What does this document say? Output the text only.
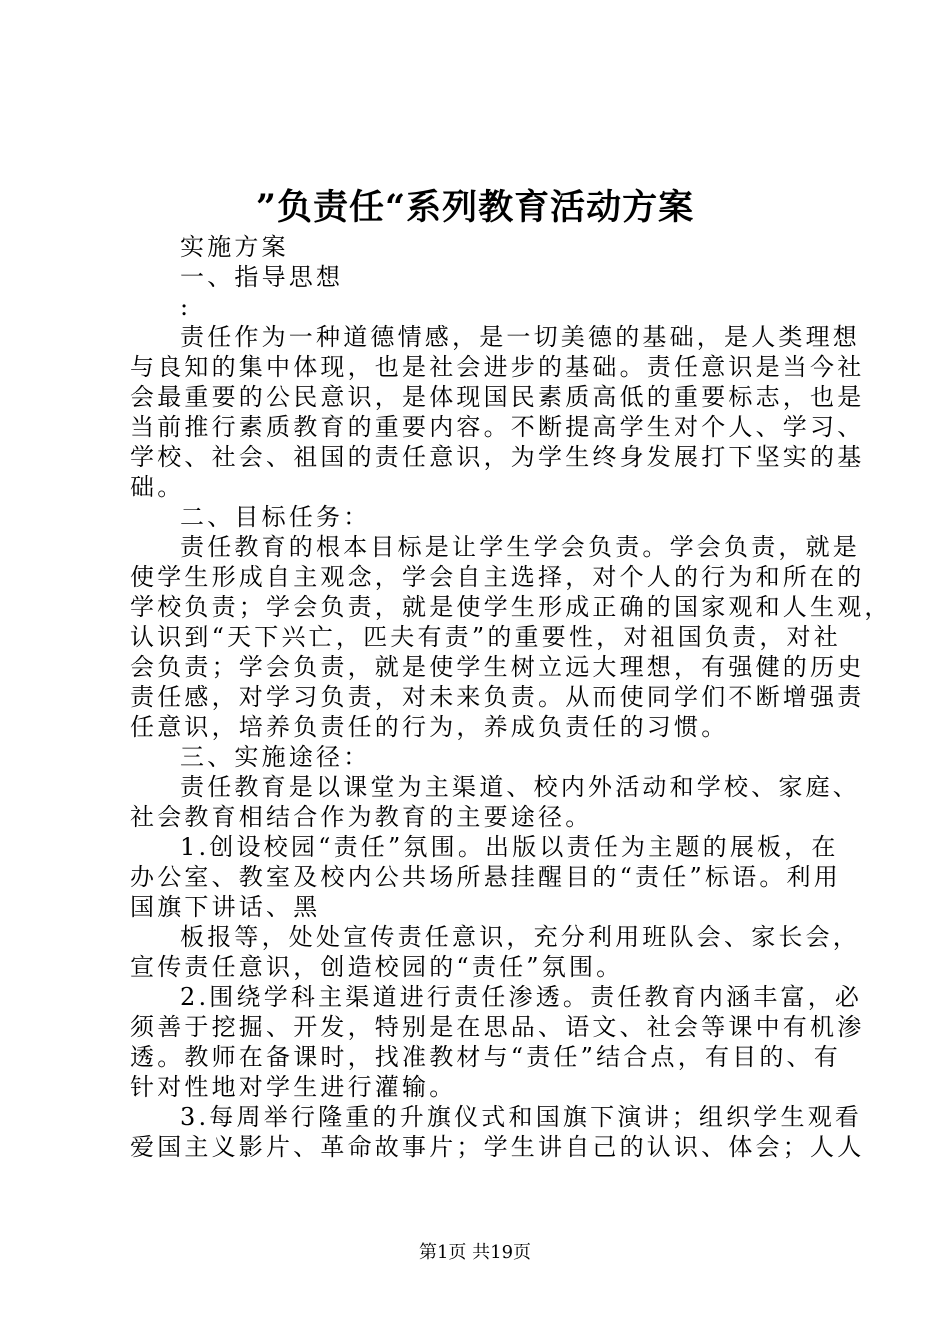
”负责任“系列教育活动方案
实施方案
一、指导思想
:
责任作为一种道德情感，是一切美德的基础，是人类理想
与良知的集中体现，也是社会进步的基础。责任意识是当今社
会最重要的公民意识，是体现国民素质高低的重要标志，也是
当前推行素质教育的重要内容。不断提高学生对个人、学习、
学校、社会、祖国的责任意识，为学生终身发展打下坚实的基
础。
二、目标任务：
责任教育的根本目标是让学生学会负责。学会负责，就是
使学生形成自主观念，学会自主选择，对个人的行为和所在的
学校负责；学会负责，就是使学生形成正确的国家观和人生观，
认识到“天下兴亡，匹夫有责”的重要性，对祖国负责，对社
会负责；学会负责，就是使学生树立远大理想，有强健的历史
责任感，对学习负责，对未来负责。从而使同学们不断增强责
任意识，培养负责任的行为，养成负责任的习惯。
三、实施途径：
责任教育是以课堂为主渠道、校内外活动和学校、家庭、
社会教育相结合作为教育的主要途径。
1.创设校园“责任”氛围。出版以责任为主题的展板，在
办公室、教室及校内公共场所悬挂醒目的“责任”标语。利用
国旗下讲话、黑
板报等，处处宣传责任意识，充分利用班队会、家长会，
宣传责任意识，创造校园的“责任”氛围。
2.围绕学科主渠道进行责任渗透。责任教育内涵丰富，必
须善于挖掘、开发，特别是在思品、语文、社会等课中有机渗
透。教师在备课时，找准教材与“责任”结合点，有目的、有
针对性地对学生进行灌输。
3.每周举行隆重的升旗仪式和国旗下演讲；组织学生观看
爱国主义影片、革命故事片；学生讲自己的认识、体会；人人
第1页 共19页
